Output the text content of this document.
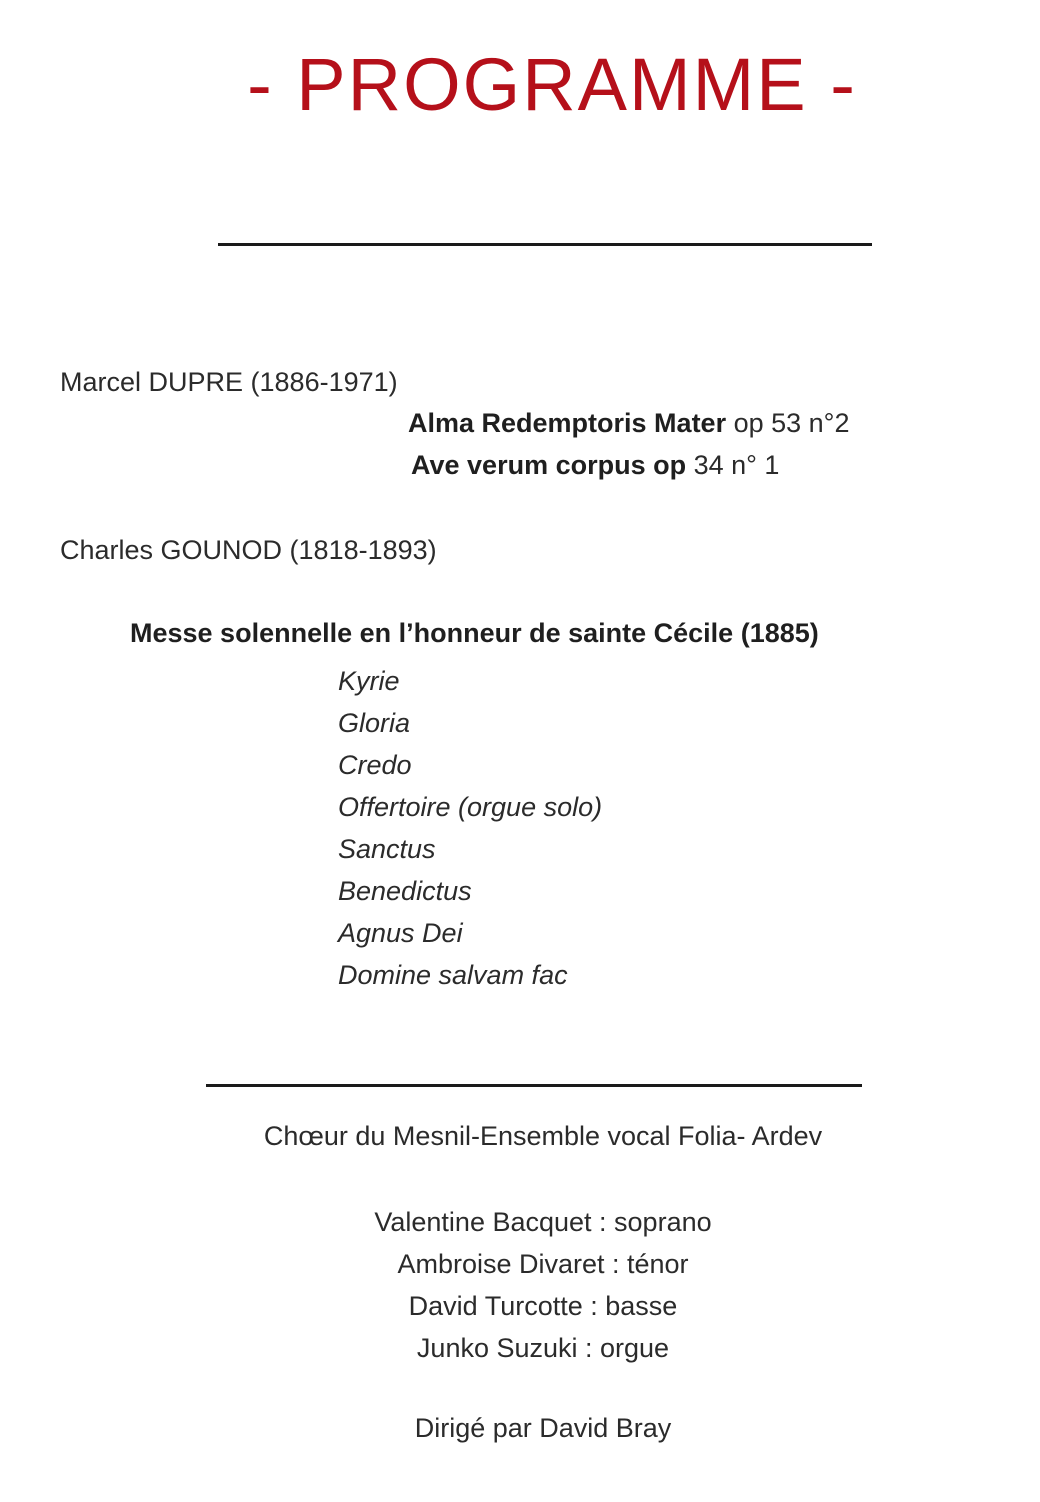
- PROGRAMME -
Marcel DUPRE (1886-1971)
Alma Redemptoris Mater op 53 n°2
Ave verum corpus op 34 n° 1
Charles GOUNOD (1818-1893)
Messe solennelle en l’honneur de sainte Cécile (1885)
Kyrie
Gloria
Credo
Offertoire (orgue solo)
Sanctus
Benedictus
Agnus Dei
Domine salvam fac
Chœur du Mesnil-Ensemble vocal Folia- Ardev
Valentine Bacquet : soprano
Ambroise Divaret : ténor
David Turcotte : basse
Junko Suzuki : orgue
Dirigé par David Bray
